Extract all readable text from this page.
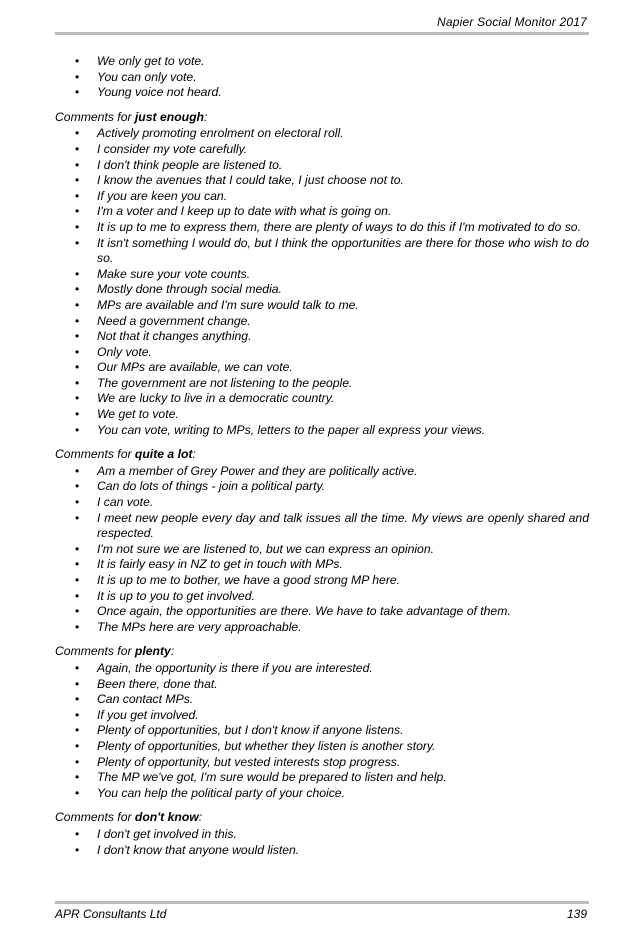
Napier Social Monitor 2017
• We only get to vote.
• You can only vote.
• Young voice not heard.
Comments for just enough:
• Actively promoting enrolment on electoral roll.
• I consider my vote carefully.
• I don't think people are listened to.
• I know the avenues that I could take, I just choose not to.
• If you are keen you can.
• I'm a voter and I keep up to date with what is going on.
• It is up to me to express them, there are plenty of ways to do this if I'm motivated to do so.
• It isn't something I would do, but I think the opportunities are there for those who wish to do so.
• Make sure your vote counts.
• Mostly done through social media.
• MPs are available and I'm sure would talk to me.
• Need a government change.
• Not that it changes anything.
• Only vote.
• Our MPs are available, we can vote.
• The government are not listening to the people.
• We are lucky to live in a democratic country.
• We get to vote.
• You can vote, writing to MPs, letters to the paper all express your views.
Comments for quite a lot:
• Am a member of Grey Power and they are politically active.
• Can do lots of things - join a political party.
• I can vote.
• I meet new people every day and talk issues all the time. My views are openly shared and respected.
• I'm not sure we are listened to, but we can express an opinion.
• It is fairly easy in NZ to get in touch with MPs.
• It is up to me to bother, we have a good strong MP here.
• It is up to you to get involved.
• Once again, the opportunities are there. We have to take advantage of them.
• The MPs here are very approachable.
Comments for plenty:
• Again, the opportunity is there if you are interested.
• Been there, done that.
• Can contact MPs.
• If you get involved.
• Plenty of opportunities, but I don't know if anyone listens.
• Plenty of opportunities, but whether they listen is another story.
• Plenty of opportunity, but vested interests stop progress.
• The MP we've got, I'm sure would be prepared to listen and help.
• You can help the political party of your choice.
Comments for don't know:
• I don't get involved in this.
• I don't know that anyone would listen.
APR Consultants Ltd	139
